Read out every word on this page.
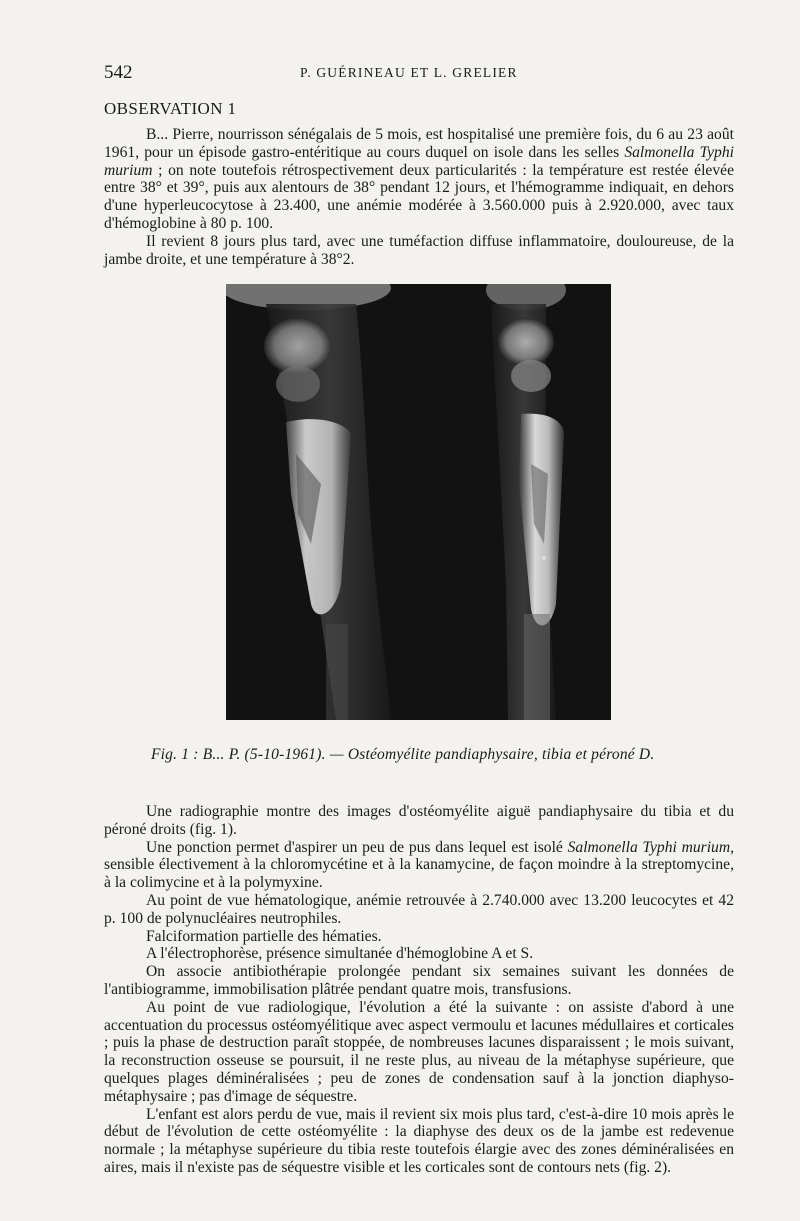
542	P. GUÉRINEAU ET L. GRELIER
OBSERVATION 1

B... Pierre, nourrisson sénégalais de 5 mois, est hospitalisé une première fois, du 6 au 23 août 1961, pour un épisode gastro-entéritique au cours duquel on isole dans les selles Salmonella Typhi murium ; on note toutefois rétrospectivement deux particularités : la température est restée élevée entre 38° et 39°, puis aux alentours de 38° pendant 12 jours, et l'hémogramme indiquait, en dehors d'une hyperleucocytose à 23.400, une anémie modérée à 3.560.000 puis à 2.920.000, avec taux d'hémoglobine à 80 p. 100.

Il revient 8 jours plus tard, avec une tuméfaction diffuse inflammatoire, douloureuse, de la jambe droite, et une température à 38°2.

Fig. 1 : B... P. (5-10-1961). — Ostéomyélite pandiaphysaire, tibia et péroné D.

Une radiographie montre des images d'ostéomyélite aiguë pandiaphysaire du tibia et du péroné droits (fig. 1).

Une ponction permet d'aspirer un peu de pus dans lequel est isolé Salmonella Typhi murium, sensible électivement à la chloromycétine et à la kanamycine, de façon moindre à la streptomycine, à la colimycine et à la polymyxine.

Au point de vue hématologique, anémie retrouvée à 2.740.000 avec 13.200 leucocytes et 42 p. 100 de polynucléaires neutrophiles.

Falciformation partielle des hématies.

A l'électrophorèse, présence simultanée d'hémoglobine A et S.

On associe antibiothérapie prolongée pendant six semaines suivant les données de l'antibiogramme, immobilisation plâtrée pendant quatre mois, transfusions.

Au point de vue radiologique, l'évolution a été la suivante : on assiste d'abord à une accentuation du processus ostéomyélitique avec aspect vermoulu et lacunes médullaires et corticales ; puis la phase de destruction paraît stoppée, de nombreuses lacunes disparaissent ; le mois suivant, la reconstruction osseuse se poursuit, il ne reste plus, au niveau de la métaphyse supérieure, que quelques plages déminéralisées ; peu de zones de condensation sauf à la jonction diaphyso-métaphysaire ; pas d'image de séquestre.

L'enfant est alors perdu de vue, mais il revient six mois plus tard, c'est-à-dire 10 mois après le début de l'évolution de cette ostéomyélite : la diaphyse des deux os de la jambe est redevenue normale ; la métaphyse supérieure du tibia reste toutefois élargie avec des zones déminéralisées en aires, mais il n'existe pas de séquestre visible et les corticales sont de contours nets (fig. 2).
